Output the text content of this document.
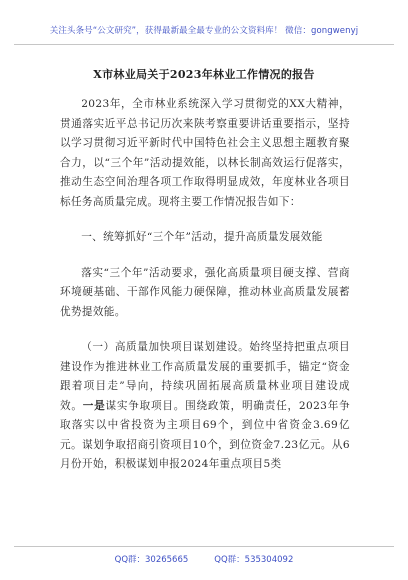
关注头条号“公文研究”，获得最新最全最专业的公文资料库！ 微信：gongwenyj
X市林业局关于2023年林业工作情况的报告

2023年，全市林业系统深入学习贯彻党的XX大精神，贯通落实近平总书记历次来陕考察重要讲话重要指示，坚持以学习贯彻习近平新时代中国特色社会主义思想主题教育聚合力，以“三个年”活动提效能，以林长制高效运行促落实，推动生态空间治理各项工作取得明显成效，年度林业各项目标任务高质量完成。现将主要工作情况报告如下：

一、统筹抓好“三个年”活动，提升高质量发展效能

落实“三个年”活动要求，强化高质量项目硬支撑、营商环境硬基础、干部作风能力硬保障，推动林业高质量发展蓄优势提效能。

（一）高质量加快项目谋划建设。始终坚持把重点项目建设作为推进林业工作高质量发展的重要抓手，锚定“资金跟着项目走”导向，持续巩固拓展高质量林业项目建设成效。一是谋实争取项目。围绕政策，明确责任，2023年争取落实以中省投资为主项目69个，到位中省资金3.69亿元。谋划争取招商引资项目10个，到位资金7.23亿元。从6月份开始，积极谋划申报2024年重点项目5类

QQ群：30265665	QQ群：535304092
